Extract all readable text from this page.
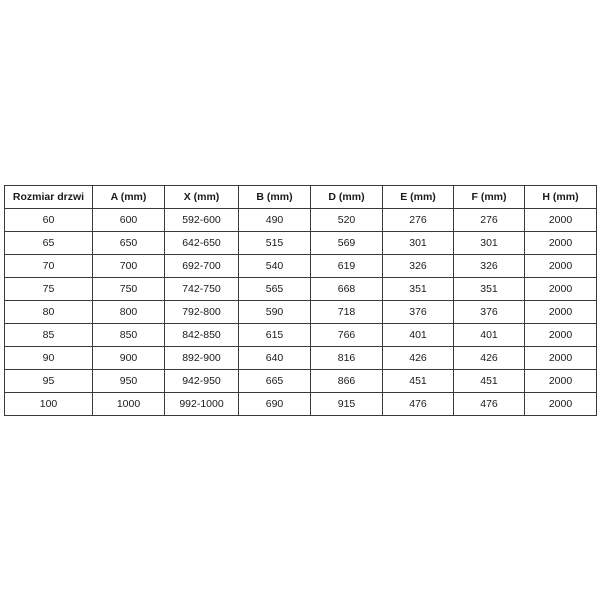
Rozmiar drzwi	A (mm)	X (mm)	B (mm)	D (mm)	E (mm)	F (mm)	H (mm)
60	600	592-600	490	520	276	276	2000
65	650	642-650	515	569	301	301	2000
70	700	692-700	540	619	326	326	2000
75	750	742-750	565	668	351	351	2000
80	800	792-800	590	718	376	376	2000
85	850	842-850	615	766	401	401	2000
90	900	892-900	640	816	426	426	2000
95	950	942-950	665	866	451	451	2000
100	1000	992-1000	690	915	476	476	2000
